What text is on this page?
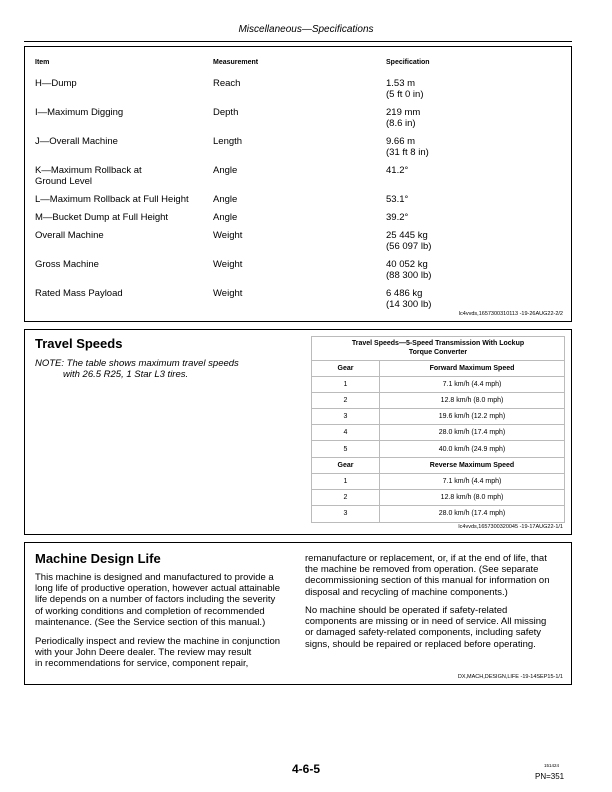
Miscellaneous—Specifications
Item	Measurement	Specification
H—Dump	Reach	1.53 m
(5 ft 0 in)
I—Maximum Digging	Depth	219 mm
(8.6 in)
J—Overall Machine	Length	9.66 m
(31 ft 8 in)
K—Maximum Rollback at
Ground Level
Angle	41.2°
L—Maximum Rollback at Full Height	Angle	53.1°
M—Bucket Dump at Full Height	Angle	39.2°
Overall Machine	Weight	25 445 kg
(56 097 lb)
Gross Machine	Weight	40 052 kg
(88 300 lb)
Rated Mass Payload	Weight	6 486 kg
(14 300 lb)
lc4vvds,1657300310113 -19-26AUG22-2/2
Travel Speeds
NOTE: The table shows maximum travel speeds
with 26.5 R25, 1 Star L3 tires.
Travel Speeds—5-Speed Transmission With Lockup
Torque Converter
Gear	Forward Maximum Speed
1	7.1 km/h (4.4 mph)
2	12.8 km/h (8.0 mph)
3	19.6 km/h (12.2 mph)
4	28.0 km/h (17.4 mph)
5	40.0 km/h (24.9 mph)
Gear	Reverse Maximum Speed
1	7.1 km/h (4.4 mph)
2	12.8 km/h (8.0 mph)
3	28.0 km/h (17.4 mph)
lc4vvds,1657300320045 -19-17AUG22-1/1
Machine Design Life
This machine is designed and manufactured to provide a
long life of productive operation, however actual attainable
life depends on a number of factors including the severity
of working conditions and completion of recommended
maintenance. (See the Service section of this manual.)
Periodically inspect and review the machine in conjunction
with your John Deere dealer. The review may result
in recommendations for service, component repair,
remanufacture or replacement, or, if at the end of life, that
the machine be removed from operation. (See separate
decommissioning section of this manual for information on
disposal and recycling of machine components.)
No machine should be operated if safety-related
components are missing or in need of service. All missing
or damaged safety-related components, including safety
signs, should be repaired or replaced before operating.
DX,MACH,DESIGN,LIFE -19-14SEP15-1/1
4-6-5	151424
PN=351
